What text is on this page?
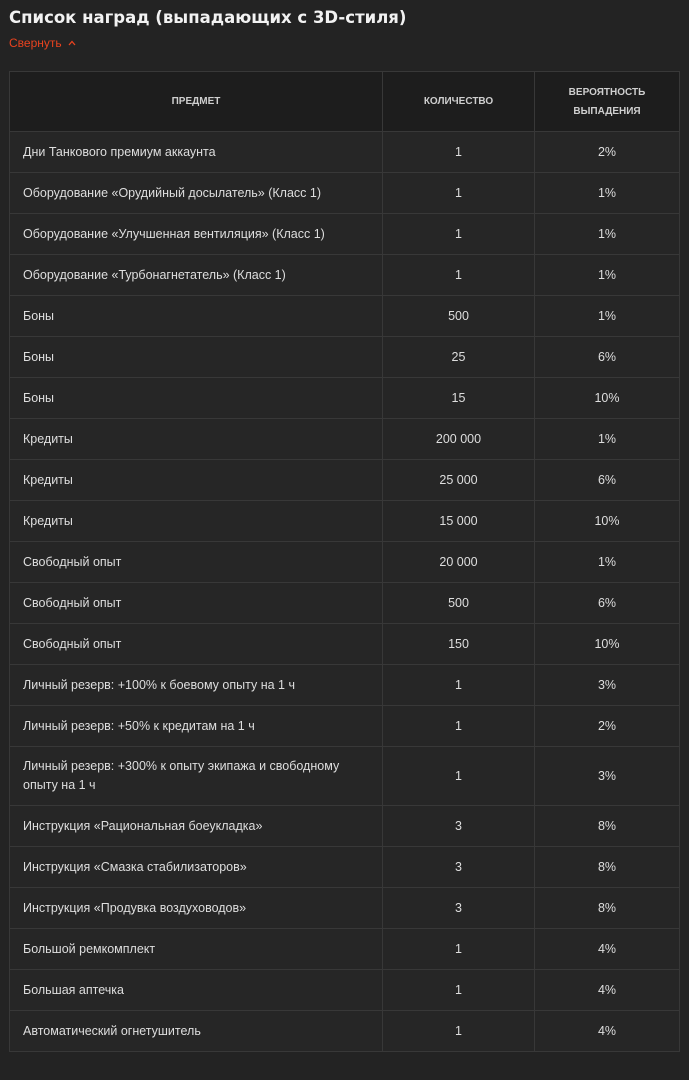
Список наград (выпадающих с 3D-стиля)
Свернуть
ПРЕДМЕТ	КОЛИЧЕСТВО	ВЕРОЯТНОСТЬ ВЫПАДЕНИЯ
Дни Танкового премиум аккаунта	1	2%
Оборудование «Орудийный досылатель» (Класс 1)	1	1%
Оборудование «Улучшенная вентиляция» (Класс 1)	1	1%
Оборудование «Турбонагнетатель» (Класс 1)	1	1%
Боны	500	1%
Боны	25	6%
Боны	15	10%
Кредиты	200 000	1%
Кредиты	25 000	6%
Кредиты	15 000	10%
Свободный опыт	20 000	1%
Свободный опыт	500	6%
Свободный опыт	150	10%
Личный резерв: +100% к боевому опыту на 1 ч	1	3%
Личный резерв: +50% к кредитам на 1 ч	1	2%
Личный резерв: +300% к опыту экипажа и свободному опыту на 1 ч	1	3%
Инструкция «Рациональная боеукладка»	3	8%
Инструкция «Смазка стабилизаторов»	3	8%
Инструкция «Продувка воздуховодов»	3	8%
Большой ремкомплект	1	4%
Большая аптечка	1	4%
Автоматический огнетушитель	1	4%
